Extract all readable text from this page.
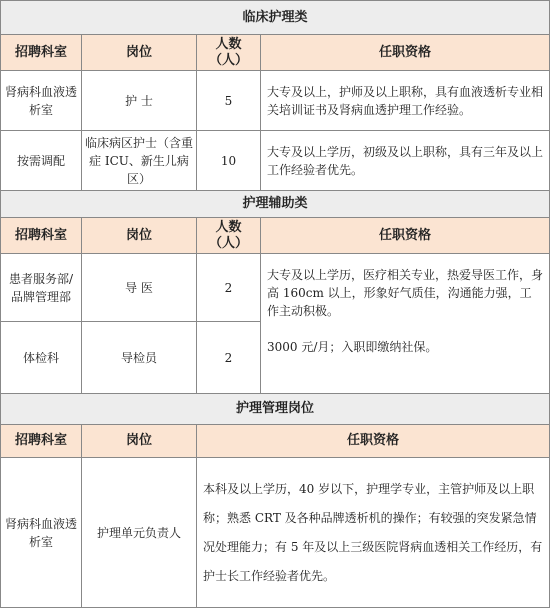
临床护理类			
招聘科室	岗位	人数（人）	任职资格
肾病科血液透析室	护 士	5	大专及以上，护师及以上职称，具有血液透析专业相关培训证书及肾病血透护理工作经验。
按需调配	临床病区护士（含重症 ICU、新生儿病区）	10	大专及以上学历，初级及以上职称，具有三年及以上工作经验者优先。
护理辅助类			
招聘科室	岗位	人数（人）	任职资格
患者服务部/品牌管理部	导 医	2	大专及以上学历，医疗相关专业，热爱导医工作，身高 160cm 以上，形象好气质佳，沟通能力强，工作主动积极。
3000 元/月；入职即缴纳社保。

体检科	导检员	2	
护理管理岗位			
招聘科室	岗位	任职资格	
肾病科血液透析室	护理单元负责人	本科及以上学历，40 岁以下，护理学专业，主管护师及以上职称；熟悉 CRT 及各种品牌透析机的操作；有较强的突发紧急情况处理能力；有 5 年及以上三级医院肾病血透相关工作经历，有护士长工作经验者优先。	
